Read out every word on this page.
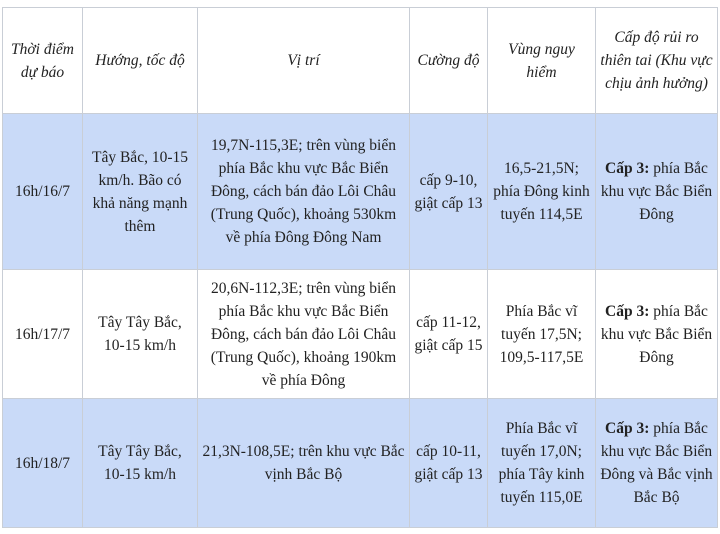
Thời điểm dự báo	Hướng, tốc độ	Vị trí	Cường độ	Vùng nguy hiểm	Cấp độ rủi ro thiên tai (Khu vực chịu ảnh hưởng)
16h/16/7	Tây Bắc, 10-15 km/h. Bão có khả năng mạnh thêm	19,7N-115,3E; trên vùng biển phía Bắc khu vực Bắc Biển Đông, cách bán đảo Lôi Châu (Trung Quốc), khoảng 530km về phía Đông Đông Nam	cấp 9-10, giật cấp 13	16,5-21,5N; phía Đông kinh tuyến 114,5E	Cấp 3: phía Bắc khu vực Bắc Biển Đông
16h/17/7	Tây Tây Bắc, 10-15 km/h	20,6N-112,3E; trên vùng biển phía Bắc khu vực Bắc Biển Đông, cách bán đảo Lôi Châu (Trung Quốc), khoảng 190km về phía Đông	cấp 11-12, giật cấp 15	Phía Bắc vĩ tuyến 17,5N; 109,5-117,5E	Cấp 3: phía Bắc khu vực Bắc Biển Đông
16h/18/7	Tây Tây Bắc, 10-15 km/h	21,3N-108,5E; trên khu vực Bắc vịnh Bắc Bộ	cấp 10-11, giật cấp 13	Phía Bắc vĩ tuyến 17,0N; phía Tây kinh tuyến 115,0E	Cấp 3: phía Bắc khu vực Bắc Biển Đông và Bắc vịnh Bắc Bộ
